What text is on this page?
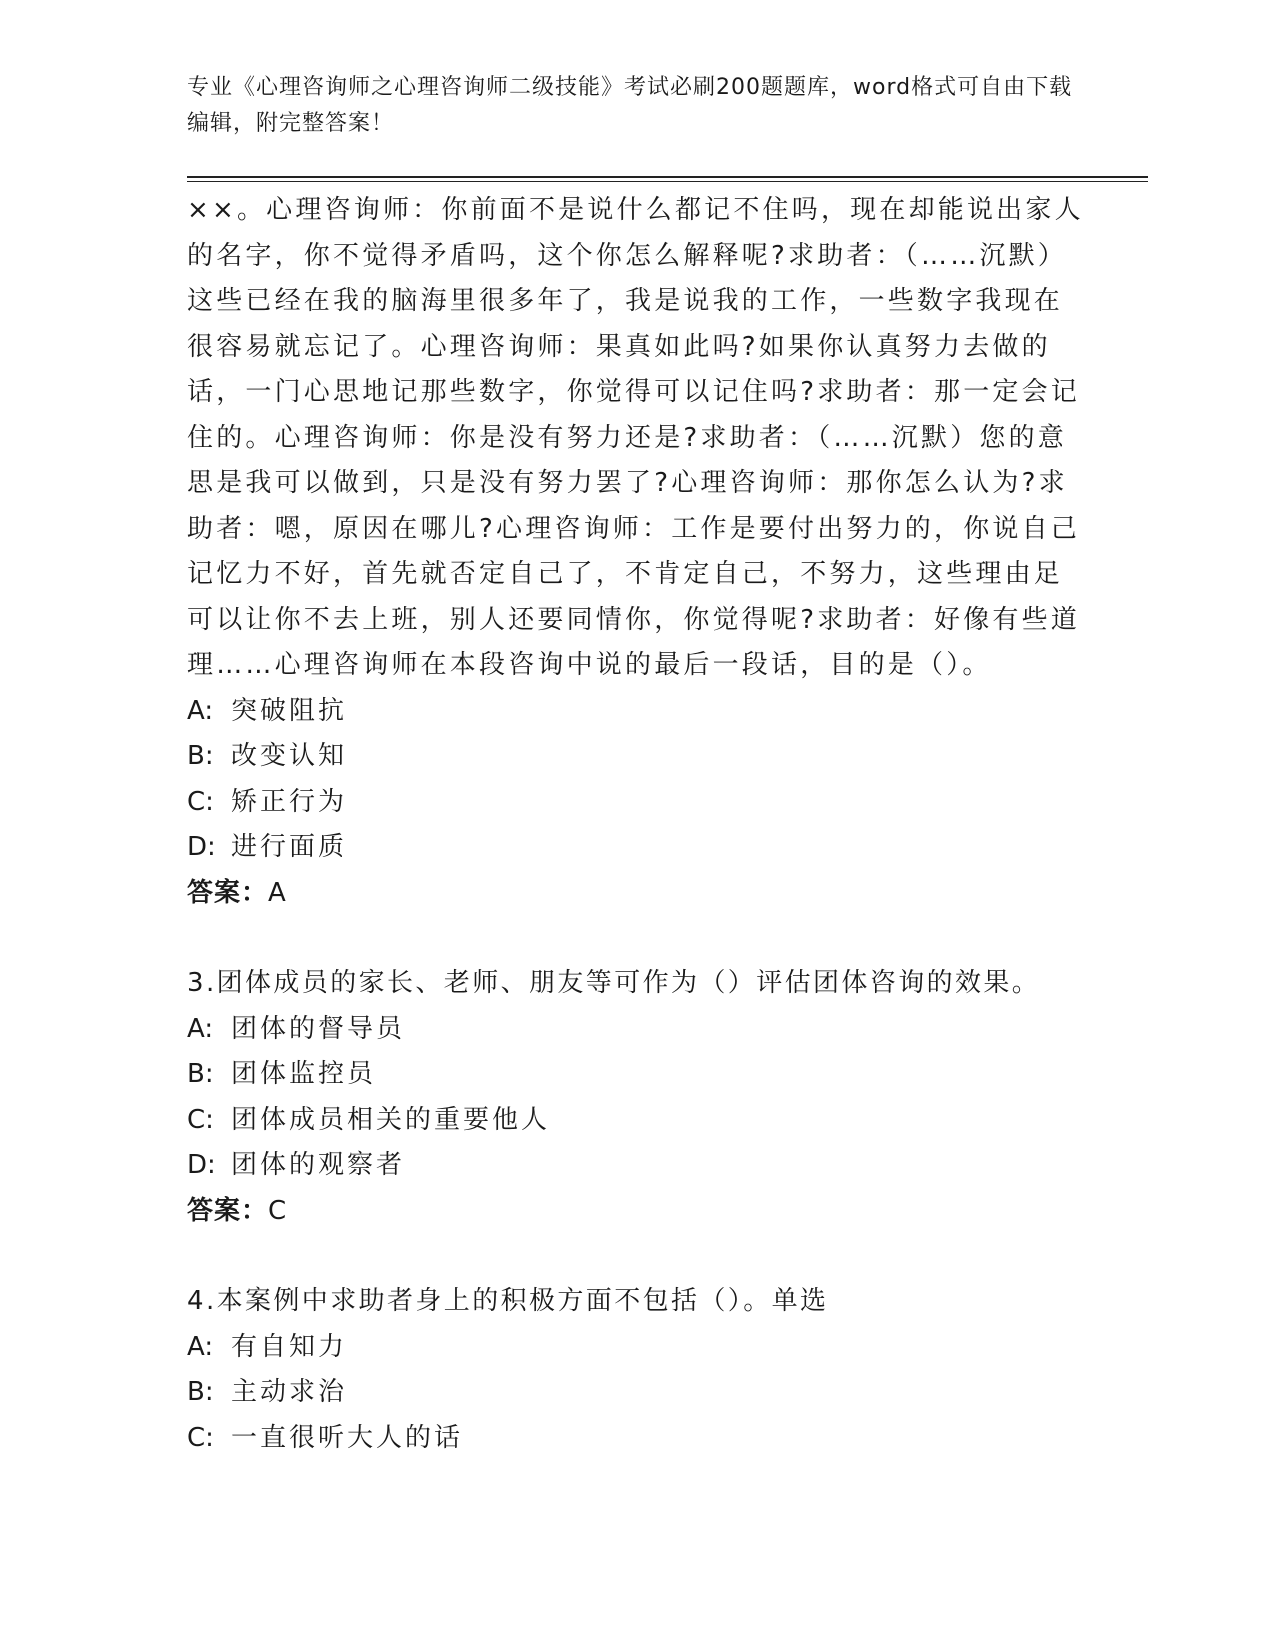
专业《心理咨询师之心理咨询师二级技能》考试必刷200题题库，word格式可自由下载编辑，附完整答案！

××。心理咨询师：你前面不是说什么都记不住吗，现在却能说出家人的名字，你不觉得矛盾吗，这个你怎么解释呢?求助者：（……沉默）这些已经在我的脑海里很多年了，我是说我的工作，一些数字我现在很容易就忘记了。心理咨询师：果真如此吗?如果你认真努力去做的话，一门心思地记那些数字，你觉得可以记住吗?求助者：那一定会记住的。心理咨询师：你是没有努力还是?求助者：（……沉默）您的意思是我可以做到，只是没有努力罢了?心理咨询师：那你怎么认为?求助者：嗯，原因在哪儿?心理咨询师：工作是要付出努力的，你说自己记忆力不好，首先就否定自己了，不肯定自己，不努力，这些理由足可以让你不去上班，别人还要同情你，你觉得呢?求助者：好像有些道理……心理咨询师在本段咨询中说的最后一段话，目的是（）。

A: 突破阻抗
B: 改变认知
C: 矫正行为
D: 进行面质
答案：A

3.团体成员的家长、老师、朋友等可作为（）评估团体咨询的效果。

A: 团体的督导员
B: 团体监控员
C: 团体成员相关的重要他人
D: 团体的观察者
答案：C

4.本案例中求助者身上的积极方面不包括（）。单选

A: 有自知力
B: 主动求治
C: 一直很听大人的话
